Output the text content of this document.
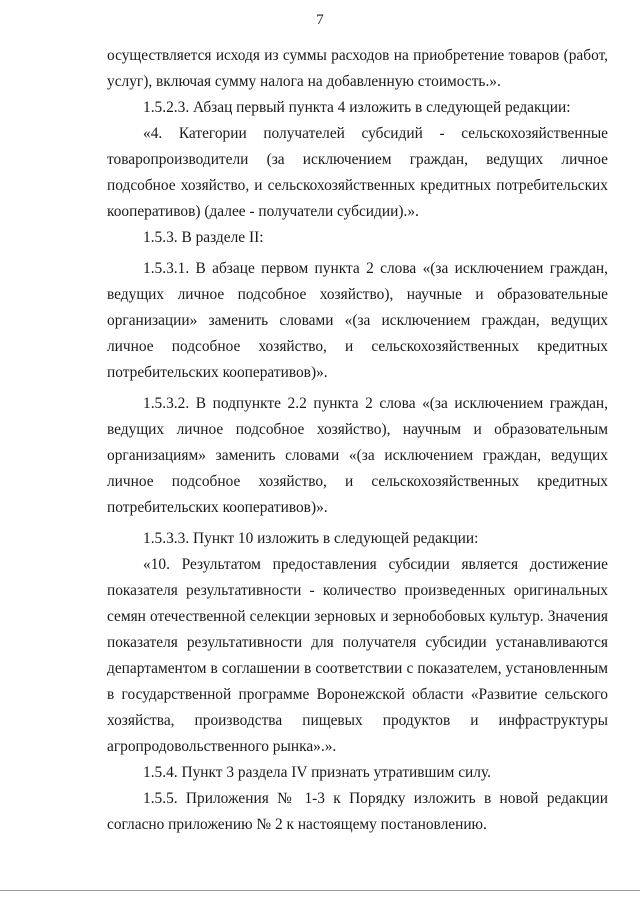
7

осуществляется исходя из суммы расходов на приобретение товаров (работ, услуг), включая сумму налога на добавленную стоимость.».

1.5.2.3. Абзац первый пункта 4 изложить в следующей редакции:

«4. Категории получателей субсидий - сельскохозяйственные товаропроизводители (за исключением граждан, ведущих личное подсобное хозяйство, и сельскохозяйственных кредитных потребительских кооперативов) (далее - получатели субсидии).».

1.5.3. В разделе II:

1.5.3.1. В абзаце первом пункта 2 слова «(за исключением граждан, ведущих личное подсобное хозяйство), научные и образовательные организации» заменить словами «(за исключением граждан, ведущих личное подсобное хозяйство, и сельскохозяйственных кредитных потребительских кооперативов)».

1.5.3.2. В подпункте 2.2 пункта 2 слова «(за исключением граждан, ведущих личное подсобное хозяйство), научным и образовательным организациям» заменить словами «(за исключением граждан, ведущих личное подсобное хозяйство, и сельскохозяйственных кредитных потребительских кооперативов)».

1.5.3.3. Пункт 10 изложить в следующей редакции:

«10. Результатом предоставления субсидии является достижение показателя результативности - количество произведенных оригинальных семян отечественной селекции зерновых и зернобобовых культур. Значения показателя результативности для получателя субсидии устанавливаются департаментом в соглашении в соответствии с показателем, установленным в государственной программе Воронежской области «Развитие сельского хозяйства, производства пищевых продуктов и инфраструктуры агропродовольственного рынка».».

1.5.4. Пункт 3 раздела IV признать утратившим силу.

1.5.5. Приложения № 1-3 к Порядку изложить в новой редакции согласно приложению № 2 к настоящему постановлению.
